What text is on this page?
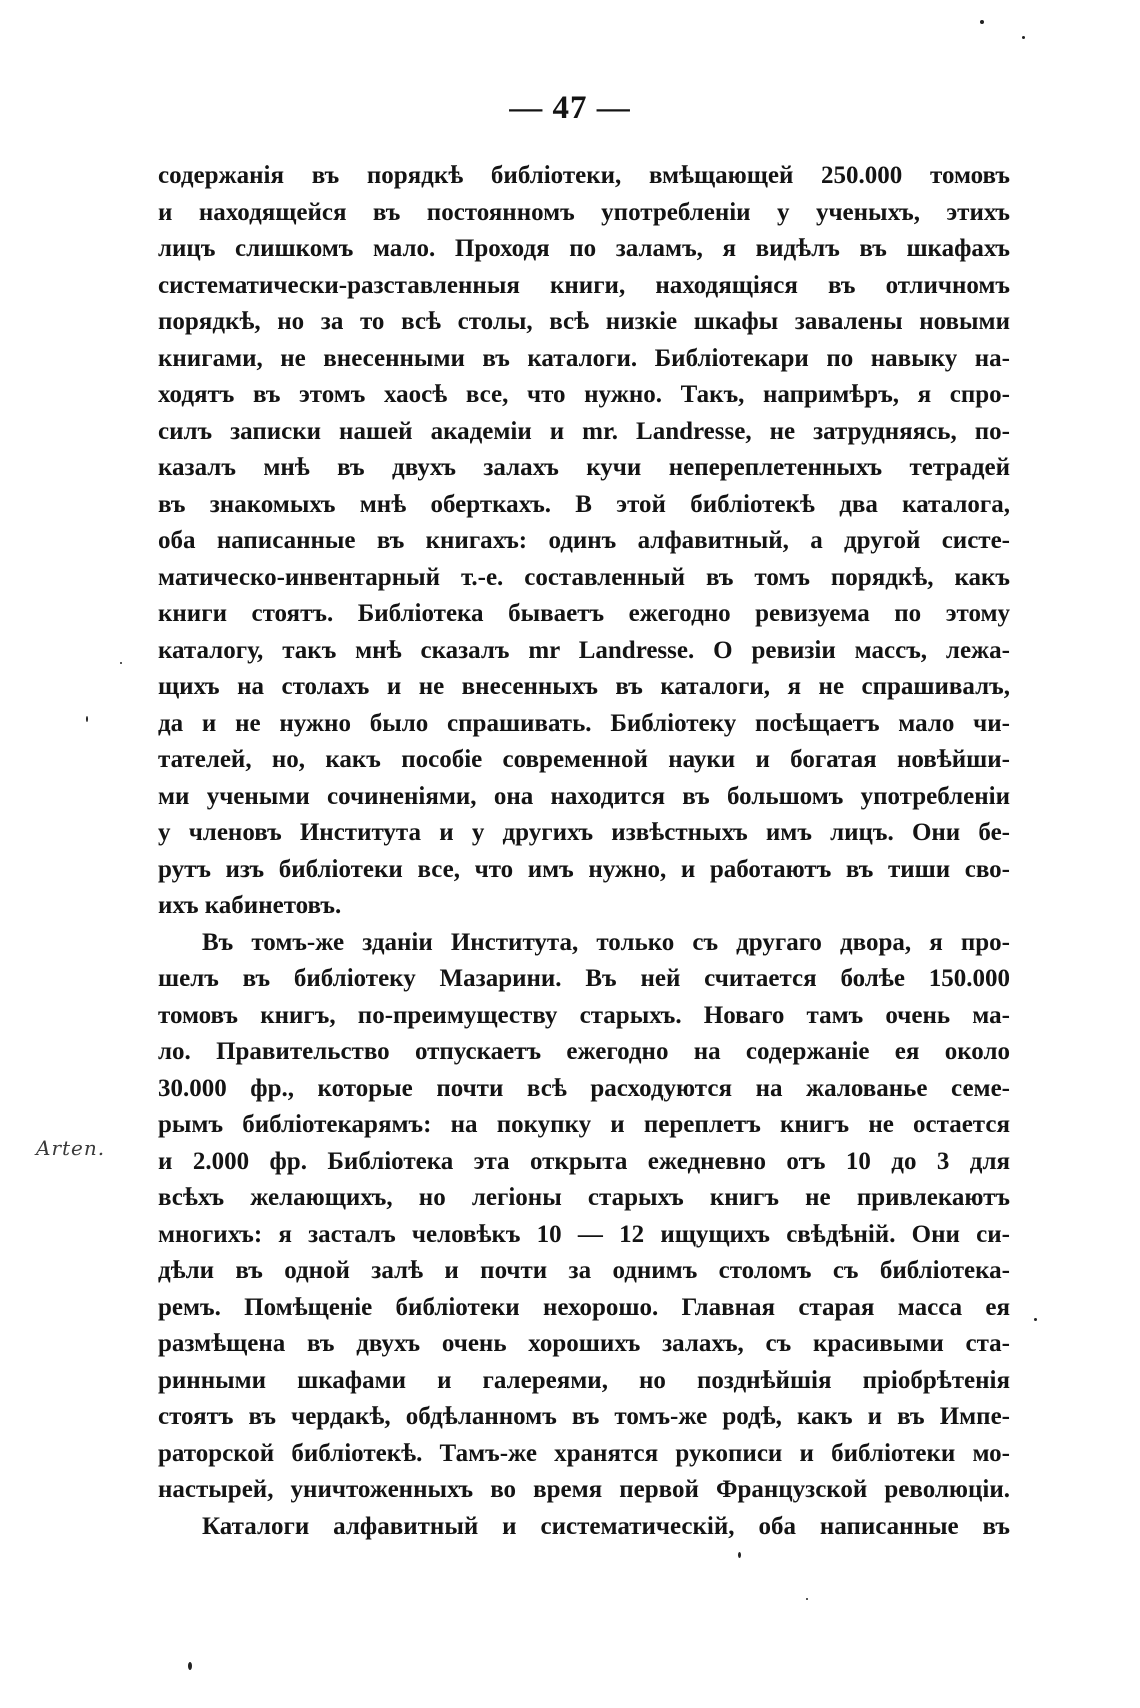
— 47 —
содержанія въ порядкѣ библіотеки, вмѣщающей 250.000 томовъ
и находящейся въ постоянномъ употребленіи у ученыхъ, этихъ
лицъ слишкомъ мало. Проходя по заламъ, я видѣлъ въ шкафахъ
систематически-разставленныя книги, находящіяся въ отличномъ
порядкѣ, но за то всѣ столы, всѣ низкіе шкафы завалены новыми
книгами, не внесенными въ каталоги. Библіотекари по навыку на-
ходятъ въ этомъ хаосѣ все, что нужно. Такъ, напримѣръ, я спро-
силъ записки нашей академіи и mr. Landresse, не затрудняясь, по-
казалъ мнѣ въ двухъ залахъ кучи непереплетенныхъ тетрадей
въ знакомыхъ мнѣ оберткахъ. В этой библіотекѣ два каталога,
оба написанные въ книгахъ: одинъ алфавитный, а другой систе-
матическо-инвентарный т.-е. составленный въ томъ порядкѣ, какъ
книги стоятъ. Библіотека бываетъ ежегодно ревизуема по этому
каталогу, такъ мнѣ сказалъ mr Landresse. О ревизіи массъ, лежа-
щихъ на столахъ и не внесенныхъ въ каталоги, я не спрашивалъ,
да и не нужно было спрашивать. Библіотеку посѣщаетъ мало чи-
тателей, но, какъ пособіе современной науки и богатая новѣйши-
ми учеными сочиненіями, она находится въ большомъ употребленіи
у членовъ Института и у другихъ извѣстныхъ имъ лицъ. Они бе-
рутъ изъ библіотеки все, что имъ нужно, и работаютъ въ тиши сво-
ихъ кабинетовъ.
Въ томъ-же зданіи Института, только съ другаго двора, я про-
шелъ въ библіотеку Мазарини. Въ ней считается болѣе 150.000
томовъ книгъ, по-преимуществу старыхъ. Новаго тамъ очень ма-
ло. Правительство отпускаетъ ежегодно на содержаніе ея около
30.000 фр., которые почти всѣ расходуются на жалованье семе-
рымъ библіотекарямъ: на покупку и переплетъ книгъ не остается
и 2.000 фр. Библіотека эта открыта ежедневно отъ 10 до 3 для
всѣхъ желающихъ, но легіоны старыхъ книгъ не привлекаютъ
многихъ: я засталъ человѣкъ 10 — 12 ищущихъ свѣдѣній. Они си-
дѣли въ одной залѣ и почти за однимъ столомъ съ библіотека-
ремъ. Помѣщеніе библіотеки нехорошо. Главная старая масса ея
размѣщена въ двухъ очень хорошихъ залахъ, съ красивыми ста-
ринными шкафами и галереями, но позднѣйшія пріобрѣтенія
стоятъ въ чердакѣ, обдѣланномъ въ томъ-же родѣ, какъ и въ Импе-
раторской библіотекѣ. Тамъ-же хранятся рукописи и библіотеки мо-
настырей, уничтоженныхъ во время первой Французской революціи.
Каталоги алфавитный и систематическій, оба написанные въ
Arten.
